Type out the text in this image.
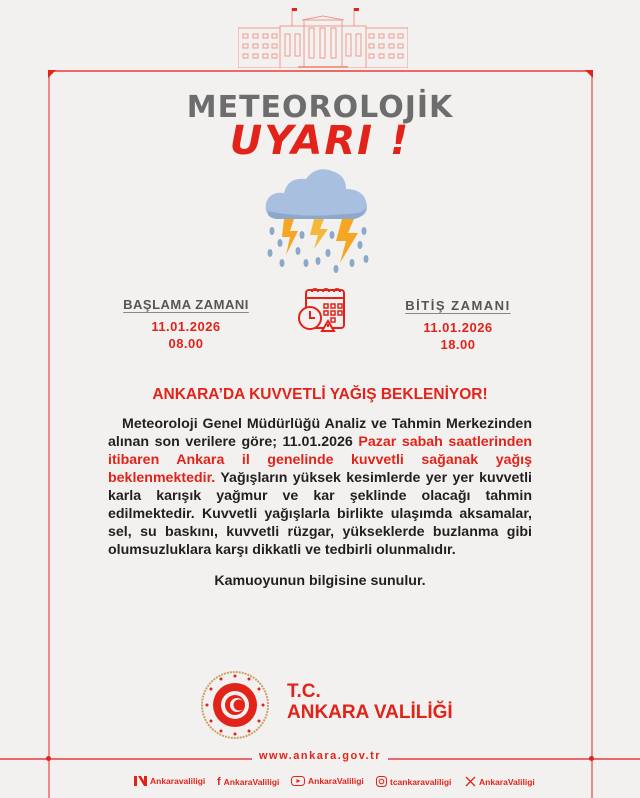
METEOROLOJİK
UYARI !
BAŞLAMA ZAMANI
11.01.2026
08.00
BİTİŞ ZAMANI
11.01.2026
18.00
ANKARA’DA KUVVETLİ YAĞIŞ BEKLENİYOR!
Meteoroloji Genel Müdürlüğü Analiz ve Tahmin Merkezinden alınan son verilere göre; 11.01.2026 Pazar sabah saatlerinden itibaren Ankara il genelinde kuvvetli sağanak yağış beklenmektedir. Yağışların yüksek kesimlerde yer yer kuvvetli karla karışık yağmur ve kar şeklinde olacağı tahmin edilmektedir. Kuvvetli yağışlarla birlikte ulaşımda aksamalar, sel, su baskını, kuvvetli rüzgar, yükseklerde buzlanma gibi olumsuzluklara karşı dikkatli ve tedbirli olunmalıdır.
Kamuoyunun bilgisine sunulur.
T.C.
ANKARA VALİLİĞİ
www.ankara.gov.tr
Ankaravaliligi f AnkaraValiligi	AnkaraValiligi	tcankaravaliligi	AnkaraValiligi
